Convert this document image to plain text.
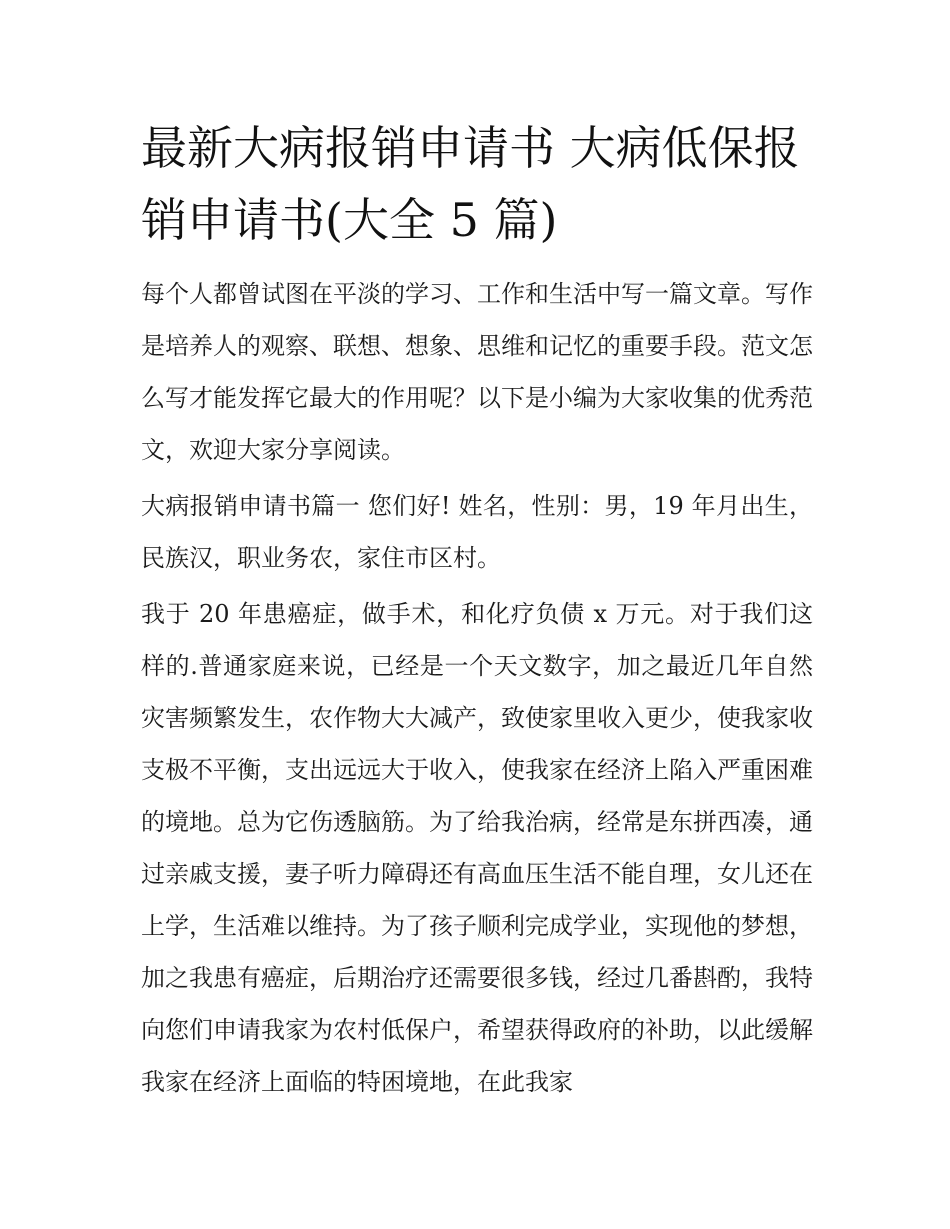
最新大病报销申请书 大病低保报销申请书(大全 5 篇)

每个人都曾试图在平淡的学习、工作和生活中写一篇文章。写作是培养人的观察、联想、想象、思维和记忆的重要手段。范文怎么写才能发挥它最大的作用呢？以下是小编为大家收集的优秀范文，欢迎大家分享阅读。

大病报销申请书篇一 您们好! 姓名，性别：男，19 年月出生，民族汉，职业务农，家住市区村。

我于 20 年患癌症，做手术，和化疗负债 x 万元。对于我们这样的.普通家庭来说，已经是一个天文数字，加之最近几年自然灾害频繁发生，农作物大大减产，致使家里收入更少，使我家收支极不平衡，支出远远大于收入，使我家在经济上陷入严重困难的境地。总为它伤透脑筋。为了给我治病，经常是东拼西凑，通过亲戚支援，妻子听力障碍还有高血压生活不能自理，女儿还在上学，生活难以维持。为了孩子顺利完成学业，实现他的梦想，加之我患有癌症，后期治疗还需要很多钱，经过几番斟酌，我特向您们申请我家为农村低保户，希望获得政府的补助，以此缓解我家在经济上面临的特困境地，在此我家
